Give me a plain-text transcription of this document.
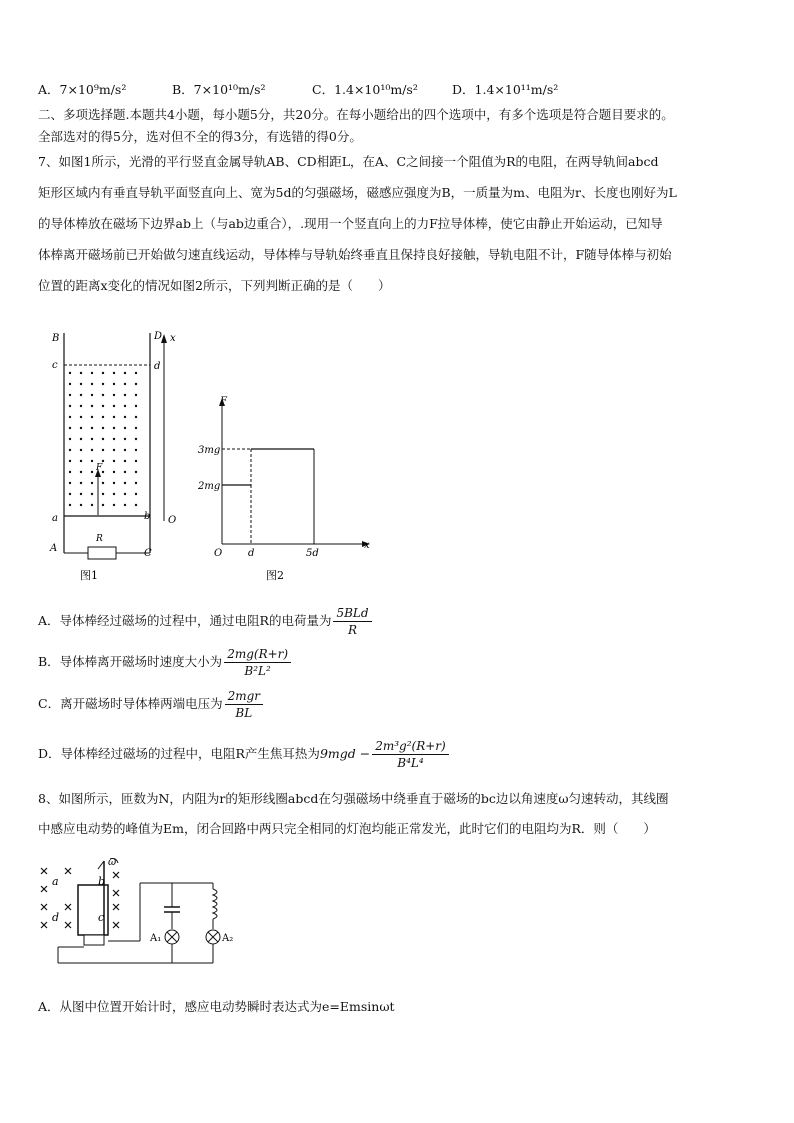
A．7×10⁹m/s²	B．7×10¹⁰m/s²	C．1.4×10¹⁰m/s²	D．1.4×10¹¹m/s²
二、多项选择题.本题共4小题，每小题5分，共20分。在每小题给出的四个选项中，有多个选项是符合题目要求的。
全部选对的得5分，选对但不全的得3分，有选错的得0分。
7、如图1所示，光滑的平行竖直金属导轨AB、CD相距L，在A、C之间接一个阻值为R的电阻，在两导轨间abcd
矩形区域内有垂直导轨平面竖直向上、宽为5d的匀强磁场，磁感应强度为B，一质量为m、电阻为r、长度也刚好为L
的导体棒放在磁场下边界ab上（与ab边重合），.现用一个竖直向上的力F拉导体棒，使它由静止开始运动，已知导
体棒离开磁场前已开始做匀速直线运动，导体棒与导轨始终垂直且保持良好接触，导轨电阻不计，F随导体棒与初始
位置的距离x变化的情况如图2所示，下列判断正确的是（　　）
B	D x
c	d
F
a	b O
A	C
R
图1
F
x
O	d	5d
3mg
2mg
图2
A．导体棒经过磁场的过程中，通过电阻R的电荷量为 $\frac{\text{5BLd}}{R}$
B．导体棒离开磁场时速度大小为 $\frac{2mg(R+r)}{\text{B²L²}}$
C．离开磁场时导体棒两端电压为 $\frac{\text{2mgr}}{BL}$
D．导体棒经过磁场的过程中，电阻R产生焦耳热为$9mgd - \frac{\text{2m³g²(R+r)}}{\text{B⁴L⁴}}$
8、如图所示，匝数为N，内阻为r的矩形线圈abcd在匀强磁场中绕垂直于磁场的bc边以角速度ω匀速转动，其线圈
中感应电动势的峰值为Em，闭合回路中两只完全相同的灯泡均能正常发光，此时它们的电阻均为R．则（　　）
ω
a	b
c
d
A₁	A₂
A．从图中位置开始计时，感应电动势瞬时表达式为e=Emsinωt
